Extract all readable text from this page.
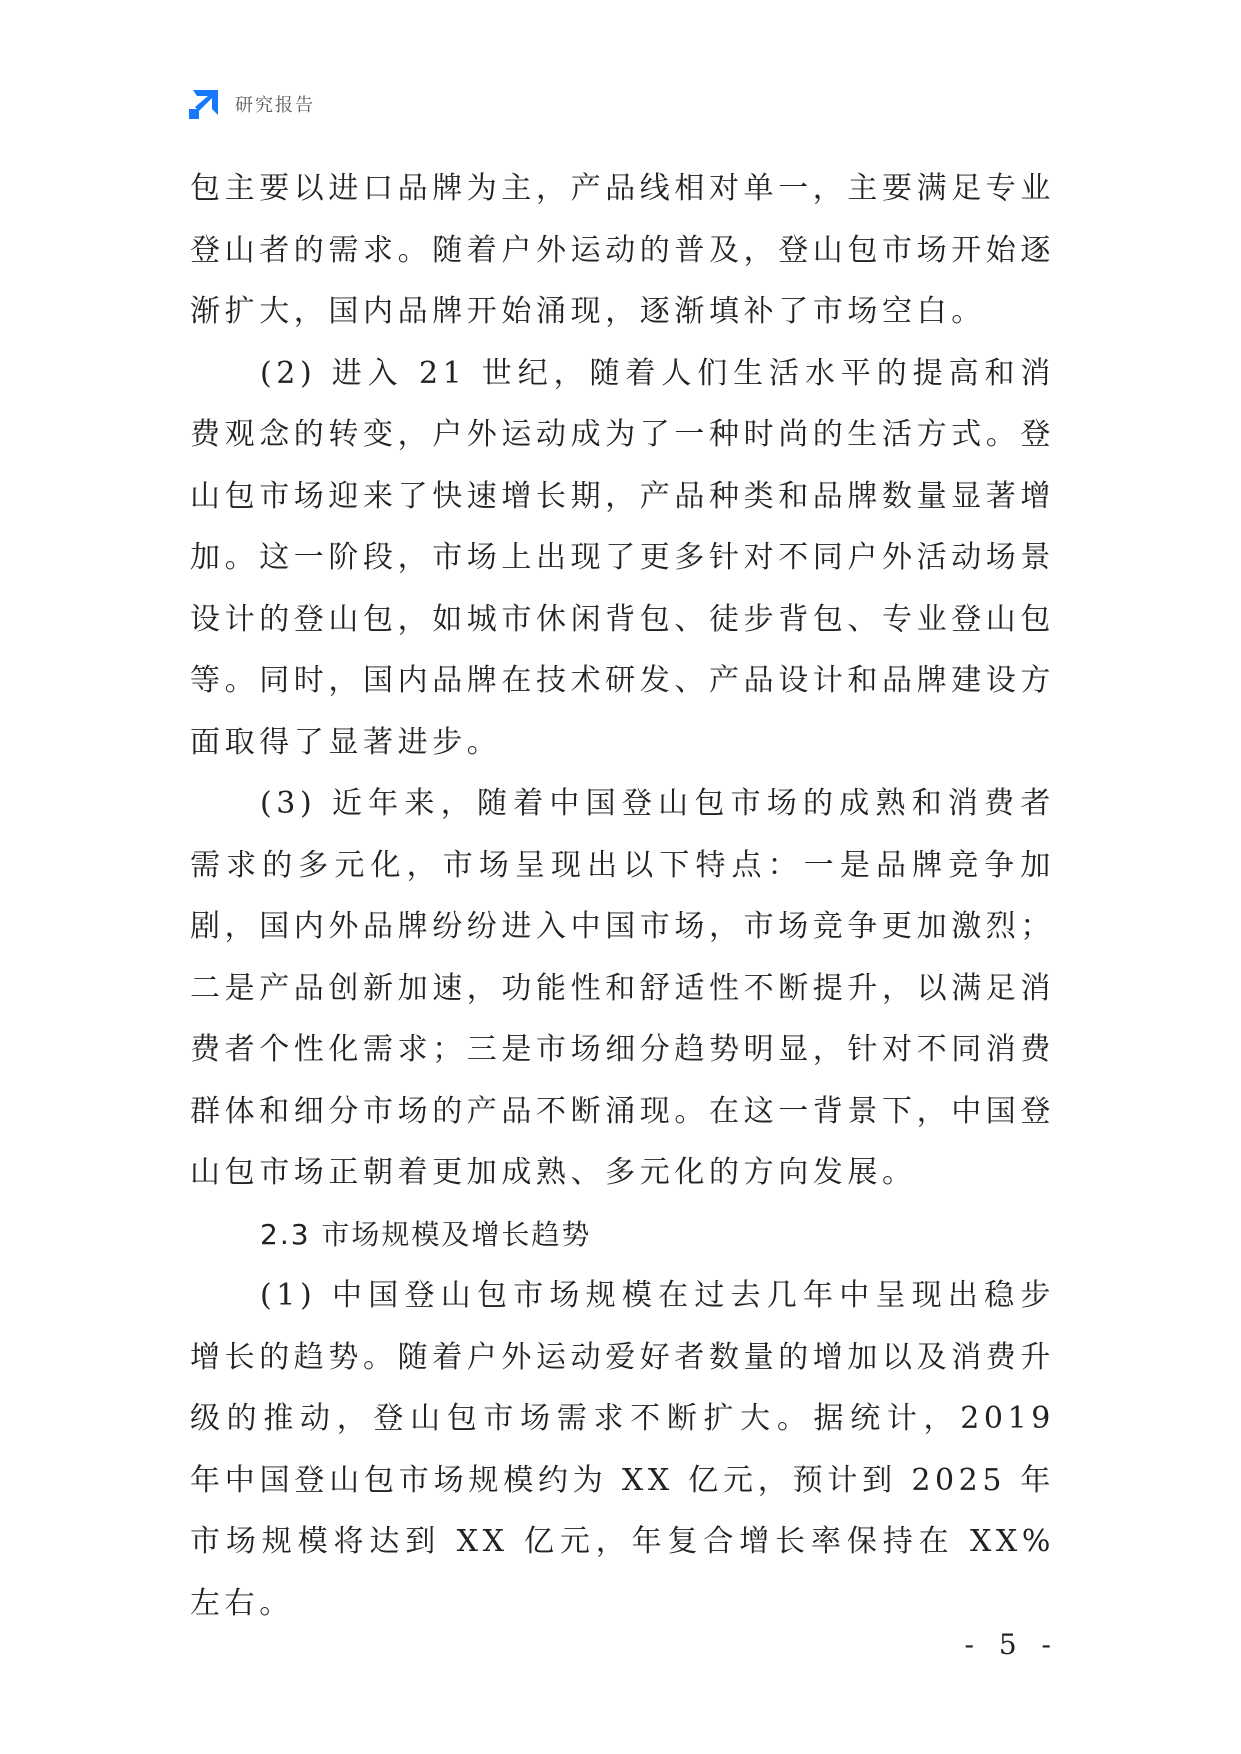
研究报告

包主要以进口品牌为主，产品线相对单一，主要满足专业登山者的需求。随着户外运动的普及，登山包市场开始逐渐扩大，国内品牌开始涌现，逐渐填补了市场空白。

(2) 进入 21 世纪，随着人们生活水平的提高和消费观念的转变，户外运动成为了一种时尚的生活方式。登山包市场迎来了快速增长期，产品种类和品牌数量显著增加。这一阶段，市场上出现了更多针对不同户外活动场景设计的登山包，如城市休闲背包、徒步背包、专业登山包等。同时，国内品牌在技术研发、产品设计和品牌建设方面取得了显著进步。

(3) 近年来，随着中国登山包市场的成熟和消费者需求的多元化，市场呈现出以下特点：一是品牌竞争加剧，国内外品牌纷纷进入中国市场，市场竞争更加激烈；二是产品创新加速，功能性和舒适性不断提升，以满足消费者个性化需求；三是市场细分趋势明显，针对不同消费群体和细分市场的产品不断涌现。在这一背景下，中国登山包市场正朝着更加成熟、多元化的方向发展。

2.3 市场规模及增长趋势

(1) 中国登山包市场规模在过去几年中呈现出稳步增长的趋势。随着户外运动爱好者数量的增加以及消费升级的推动，登山包市场需求不断扩大。据统计，2019 年中国登山包市场规模约为 XX 亿元，预计到 2025 年市场规模将达到 XX 亿元，年复合增长率保持在 XX%左右。

- 5 -
